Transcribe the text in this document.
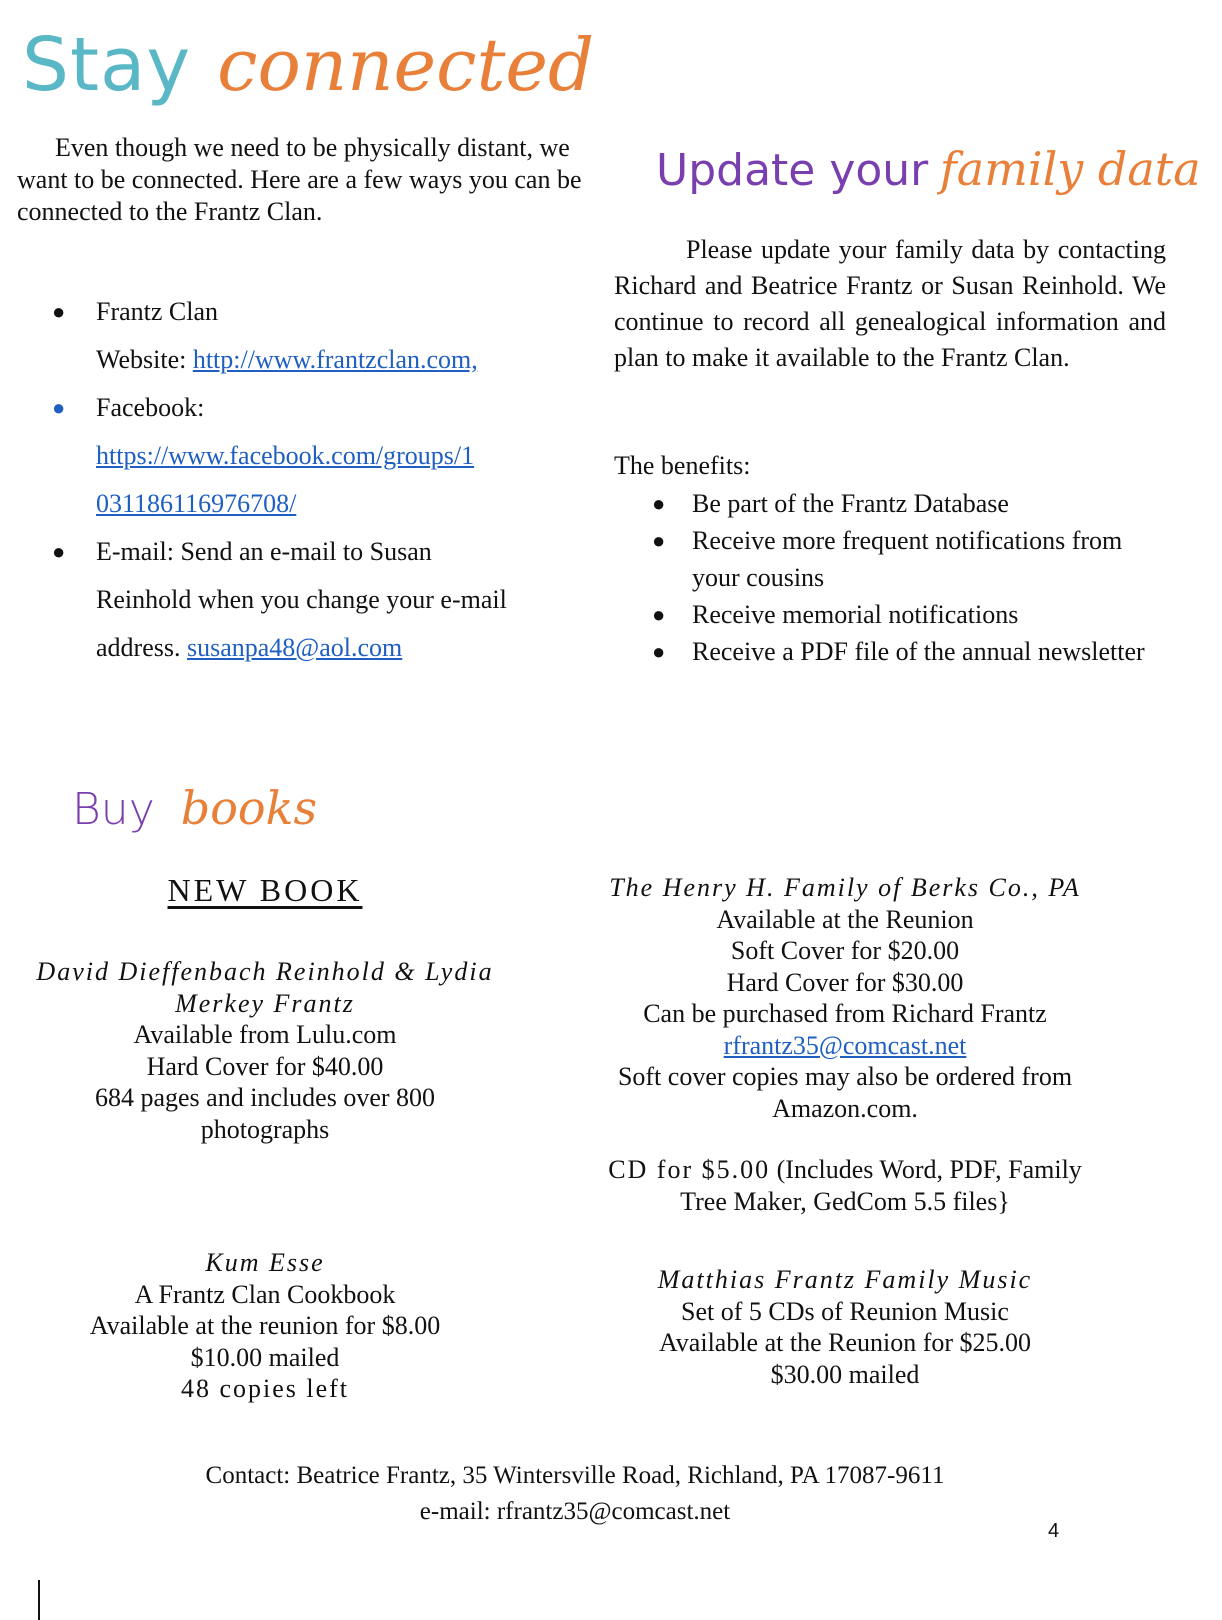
Stay connected

Even though we need to be physically distant, we want to be connected. Here are a few ways you can be connected to the Frantz Clan.

● Frantz Clan
Website: http://www.frantzclan.com,
● Facebook:
https://www.facebook.com/groups/1
031186116976708/
● E-mail: Send an e-mail to Susan
Reinhold when you change your e-mail
address. susanpa48@aol.com
Update your family data

Please update your family data by contacting Richard and Beatrice Frantz or Susan Reinhold. We continue to record all genealogical information and plan to make it available to the Frantz Clan.

The benefits:
● Be part of the Frantz Database
● Receive more frequent notifications from your cousins
● Receive memorial notifications
● Receive a PDF file of the annual newsletter
Buy books
NEW BOOK
David Dieffenbach Reinhold & Lydia Merkey Frantz
Available from Lulu.com
Hard Cover for $40.00
684 pages and includes over 800 photographs
The Henry H. Family of Berks Co., PA
Available at the Reunion
Soft Cover for $20.00
Hard Cover for $30.00
Can be purchased from Richard Frantz
rfrantz35@comcast.net
Soft cover copies may also be ordered from Amazon.com.
CD for $5.00 (Includes Word, PDF, Family Tree Maker, GedCom 5.5 files}
Kum Esse
A Frantz Clan Cookbook
Available at the reunion for $8.00
$10.00 mailed
48 copies left
Matthias Frantz Family Music
Set of 5 CDs of Reunion Music
Available at the Reunion for $25.00
$30.00 mailed
Contact: Beatrice Frantz, 35 Wintersville Road, Richland, PA 17087-9611
e-mail: rfrantz35@comcast.net
4
